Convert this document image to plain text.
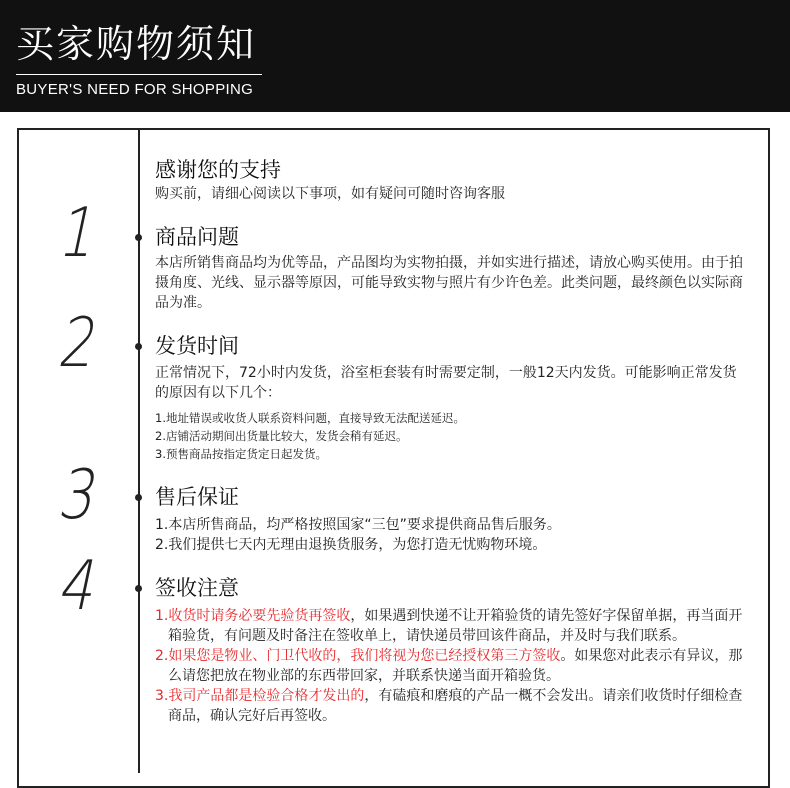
买家购物须知
BUYER'S NEED FOR SHOPPING
感谢您的支持
购买前，请细心阅读以下事项，如有疑问可随时咨询客服
1	商品问题
本店所销售商品均为优等品，产品图均为实物拍摄，并如实进行描述，请放心购买使用。由于拍摄角度、光线、显示器等原因，可能导致实物与照片有少许色差。此类问题，最终颜色以实际商品为准。
2	发货时间
正常情况下，72小时内发货，浴室柜套装有时需要定制，一般12天内发货。可能影响正常发货的原因有以下几个：
1.地址错误或收货人联系资料问题，直接导致无法配送延迟。
2.店铺活动期间出货量比较大，发货会稍有延迟。
3.预售商品按指定货定日起发货。
3	售后保证
1.本店所售商品，均严格按照国家“三包”要求提供商品售后服务。
2.我们提供七天内无理由退换货服务，为您打造无忧购物环境。
4	签收注意

1.收货时请务必要先验货再签收，如果遇到快递不让开箱验货的请先签好字保留单据，再当面开箱验货，有问题及时备注在签收单上，请快递员带回该件商品，并及时与我们联系。

2.如果您是物业、门卫代收的，我们将视为您已经授权第三方签收。如果您对此表示有异议，那么请您把放在物业部的东西带回家，并联系快递当面开箱验货。

3.我司产品都是检验合格才发出的，有磕痕和磨痕的产品一概不会发出。请亲们收货时仔细检查商品，确认完好后再签收。
